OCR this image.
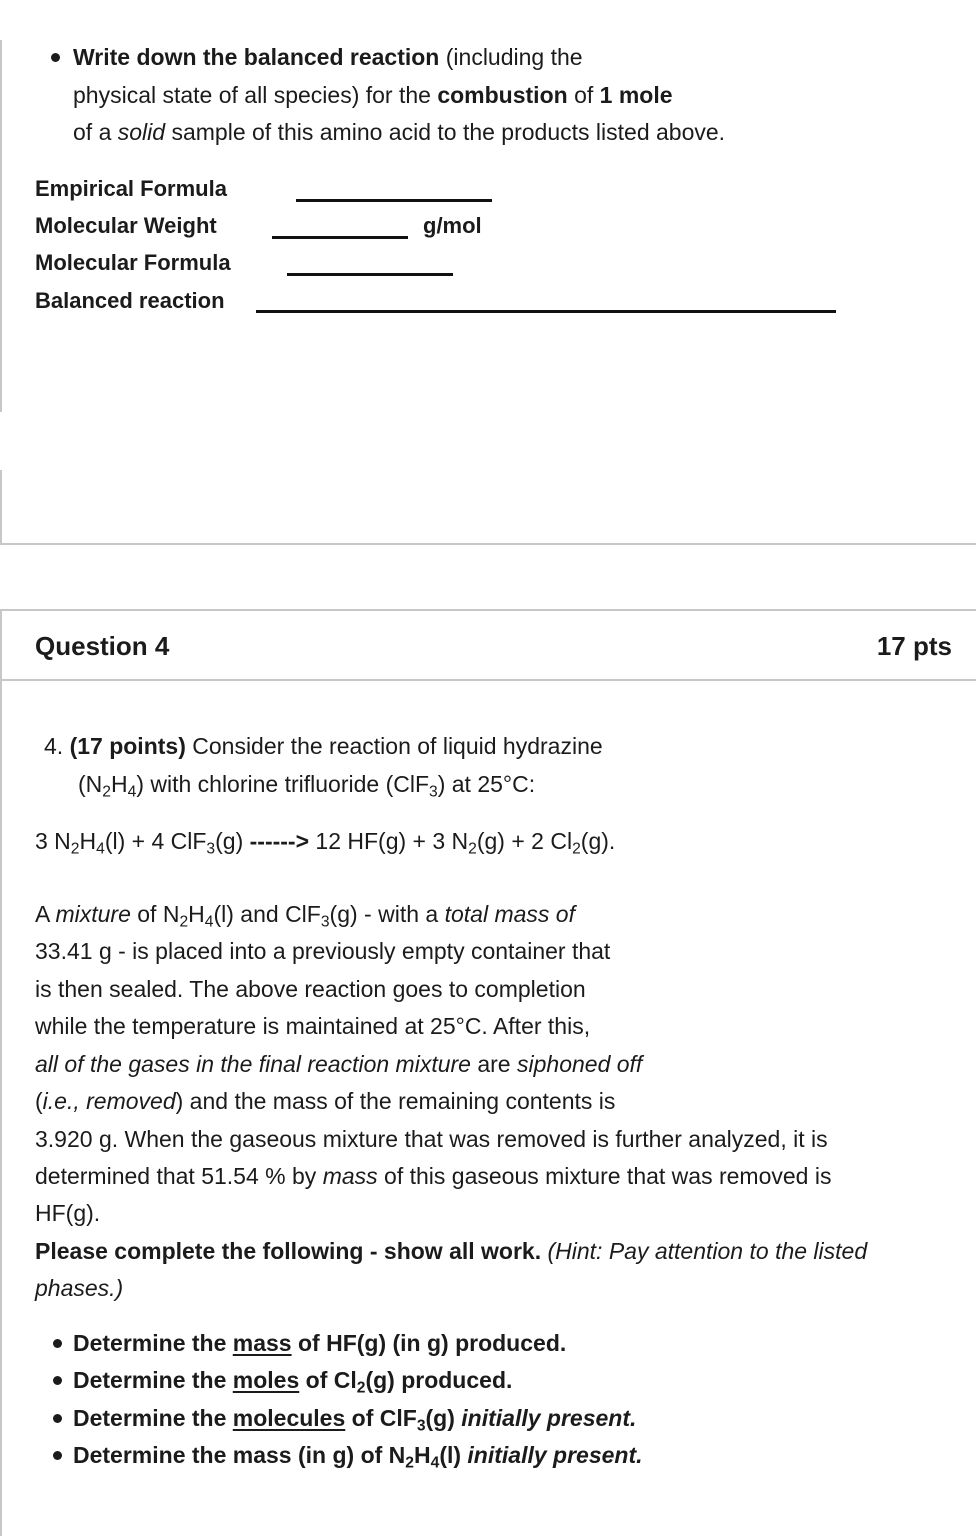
Write down the balanced reaction (including the
physical state of all species) for the combustion of 1 mole
of a solid sample of this amino acid to the products listed above.
Empirical Formula
Molecular Weight	g/mol
Molecular Formula
Balanced reaction
Question 4	17 pts
4. (17 points) Consider the reaction of liquid hydrazine
$(N_2H_4)$ with chlorine trifluoride (ClF$_3$) at 25°C:
3 $N_2H_4(l) + 4$ ClF$_3$(g) ------> 12 HF(g) + 3 $N_2(g) + 2$ $Cl_2(g)$.
A mixture of $N_2H_4(l)$ and ClF$_3$(g) - with a total mass of
33.41 g - is placed into a previously empty container that
is then sealed. The above reaction goes to completion
while the temperature is maintained at 25°C. After this,
all of the gases in the final reaction mixture are siphoned off
(i.e., removed) and the mass of the remaining contents is
3.920 g. When the gaseous mixture that was removed is further analyzed, it is
determined that 51.54 % by mass of this gaseous mixture that was removed is
HF(g).
Please complete the following - show all work. (Hint: Pay attention to the listed
phases.)
Determine the mass of HF(g) (in g) produced.
Determine the moles of $Cl_2(g)$ produced.
Determine the molecules of ClF$_3$(g) initially present.
Determine the mass (in g) of $N_2H_4(l)$ initially present.
